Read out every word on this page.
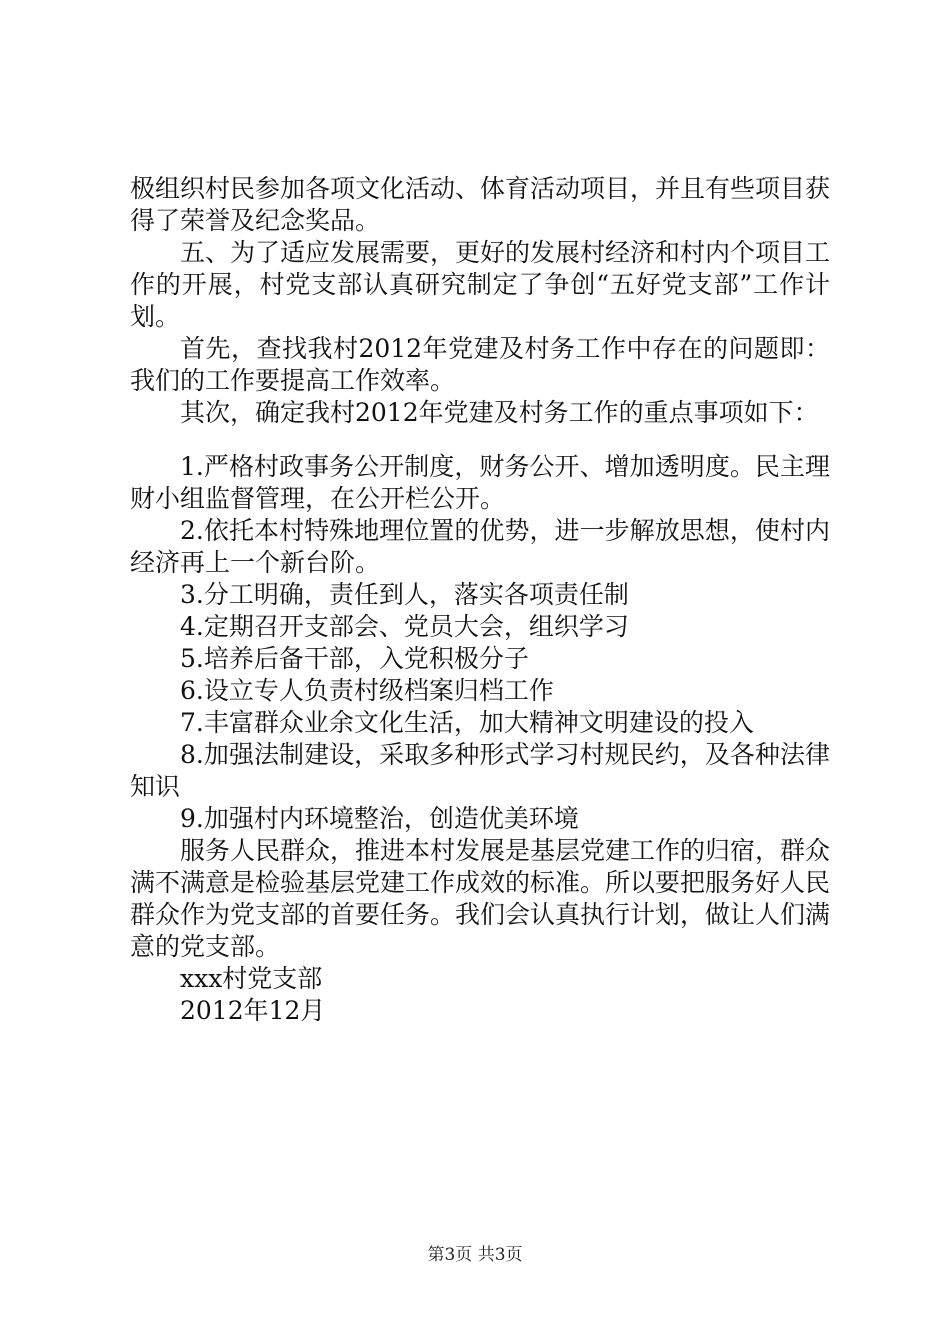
极组织村民参加各项文化活动、体育活动项目，并且有些项目获得了荣誉及纪念奖品。

五、为了适应发展需要，更好的发展村经济和村内个项目工作的开展，村党支部认真研究制定了争创“五好党支部”工作计划。

首先，查找我村2012年党建及村务工作中存在的问题即：我们的工作要提高工作效率。

其次，确定我村2012年党建及村务工作的重点事项如下：

1.严格村政事务公开制度，财务公开、增加透明度。民主理财小组监督管理，在公开栏公开。

2.依托本村特殊地理位置的优势，进一步解放思想，使村内经济再上一个新台阶。

3.分工明确，责任到人，落实各项责任制

4.定期召开支部会、党员大会，组织学习

5.培养后备干部，入党积极分子

6.设立专人负责村级档案归档工作

7.丰富群众业余文化生活，加大精神文明建设的投入

8.加强法制建设，采取多种形式学习村规民约，及各种法律知识

9.加强村内环境整治，创造优美环境

服务人民群众，推进本村发展是基层党建工作的归宿，群众满不满意是检验基层党建工作成效的标准。所以要把服务好人民群众作为党支部的首要任务。我们会认真执行计划，做让人们满意的党支部。

xxx村党支部

2012年12月

第3页 共3页
